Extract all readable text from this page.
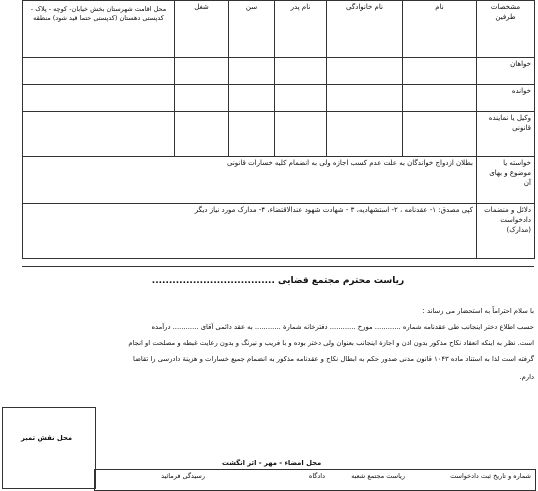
مشخصات طرفین	نام	نام خانوادگی	نام پدر	سن	شغل	محل اقامت شهرستان بخش خیابان- کوچه - پلاک - کدپستی دهستان (کدپستی حتما قید شود) منطقه
خواهان						
خوانده						
وکیل یا نماینده قانونی						
خواسته یا موضوع و بهای آن	بطلان ازدواج خواندگان به علت عدم کسب اجازه ولی به انضمام کلیه خسارات قانونی					
دلائل و منضمات دادخواست (مدارک)	کپی مصدق: ۱- عقدنامه ، ۲- استشهادیه، ۳ - شهادت شهود عندالاقتضاء، ۴- مدارک مورد نیاز دیگر					
ریاست محترم مجتمع قضایی ....................................
با سلام احتراماً به استحضار می رساند :
حسب اطلاع دختر اینجانب طی عقدنامه شماره ............ مورخ ............ دفترخانه شمارة ............ به عقد دائمی آقای ............ درآمده
است. نظر به اینکه انعقاد نکاح مذکور بدون اذن و اجازة اینجانب بعنوان ولی دختر بوده و با فریب و نیرنگ و بدون رعایت غبطه و مصلحت او انجام
گرفته است لذا به استناد ماده ۱۰۴۳ قانون مدنی صدور حکم به ابطال نکاح و عقدنامه مذکور به انضمام جمیع خسارات و هزینة دادرسی را تقاضا
دارم.
محل امضاء - مهر - اثر انگشت
محل نقش تمبر
شماره و تاریخ ثبت دادخواست
ریاست مجتمع شعبه
دادگاه
رسیدگی فرمائید
